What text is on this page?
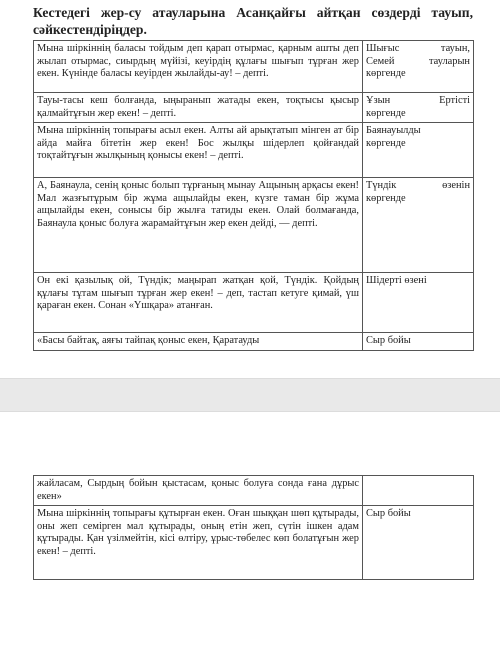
Кестедегі жер-су атауларына Асанқайғы айтқан сөздерді тауып, сәйкестендіріңдер.

Мына шіркіннің баласы тойдым деп қарап отырмас, қарным ашты деп жылап отырмас, сиырдың мүйізі, кеуірдің құлағы шығып тұрған жер екен. Күнінде баласы кеуірден жылайды-ау! – депті.	Шығыс тауын,
Семей тауларын
көргенде
Тауы-тасы кеш болғанда, ыңыранып жатады екен, тоқтысы қысыр қалмайтұғын жер екен! – депті.	Ұзын Ертісті
көргенде
Мына шіркіннің топырағы асыл екен. Алты ай арықтатып мінген ат бір айда майға бітетін жер екен! Бос жылқы шідерлеп қойғандай тоқтайтұғын жылқының қонысы екен! – депті.	Баянауылды
көргенде
А, Баянаула, сенің қоныс болып тұрғаның мынау Ащының арқасы екен! Мал жазғытұрым бір жұма ащылайды екен, күзге таман бір жұма ащылайды екен, соныcы бір жылға татиды екен. Олай болмағанда, Баянаула қоныс болуға жарамайтұғын жер екен дейді, — депті.	Түндік өзенін
көргенде
Он екі қазылық ой, Түндік; маңырап жатқан қой, Түндік. Қойдың құлағы тұтам шығып тұрған жер екен! – деп, тастап кетуге қимай, үш қараған екен. Сонан «Үшқара» атанған.	Шідерті өзені
«Басы байтақ, аяғы тайпақ қоныс екен, Қаратауды	Сыр бойы
жайласам, Сырдың бойын қыстасам, қоныс болуға сонда ғана дұрыс екен»	
Мына шіркіннің топырағы құтырған екен. Оған шыққан шөп құтырады, оны жеп семірген мал құтырады, оның етін жеп, сүтін ішкен адам құтырады. Қан үзілмейтін, кісі өлтіру, ұрыс-төбелес көп болатұғын жер екен! – депті.	Сыр бойы
